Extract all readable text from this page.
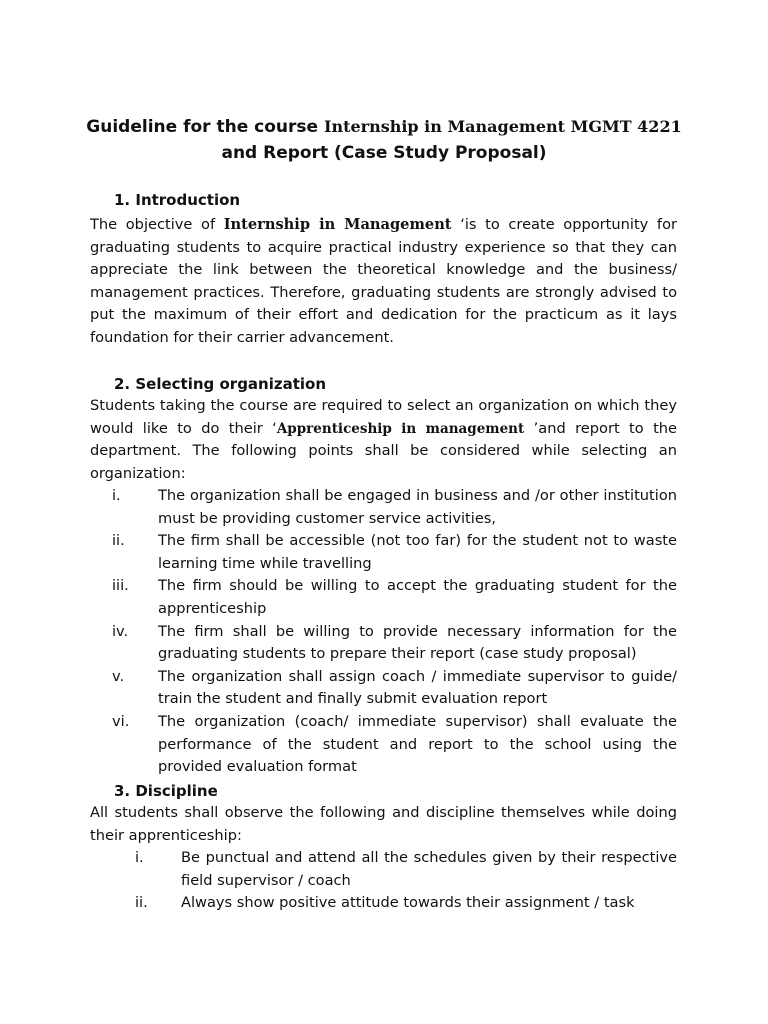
Guideline for the course Internship in Management MGMT 4221
and Report (Case Study Proposal)
1. Introduction
The objective of Internship in Management ‘is to create opportunity for graduating students to acquire practical industry experience so that they can appreciate the link between the theoretical knowledge and the business/ management practices. Therefore, graduating students are strongly advised to put the maximum of their effort and dedication for the practicum as it lays foundation for their carrier advancement.
2. Selecting organization
Students taking the course are required to select an organization on which they would like to do their ‘Apprenticeship in management ’and report to the department. The following points shall be considered while selecting an organization:
i.	The organization shall be engaged in business and /or other institution must be providing customer service activities,
ii. The firm shall be accessible (not too far) for the student not to waste learning time while travelling
iii. The firm should be willing to accept the graduating student for the apprenticeship
iv. The firm shall be willing to provide necessary information for the graduating students to prepare their report (case study proposal)
v. The organization shall assign coach / immediate supervisor to guide/ train the student and finally submit evaluation report
vi. The organization (coach/ immediate supervisor) shall evaluate the performance of the student and report to the school using the provided evaluation format
3. Discipline
All students shall observe the following and discipline themselves while doing their apprenticeship:
i.	Be punctual and attend all the schedules given by their respective field supervisor / coach
ii. Always show positive attitude towards their assignment / task
